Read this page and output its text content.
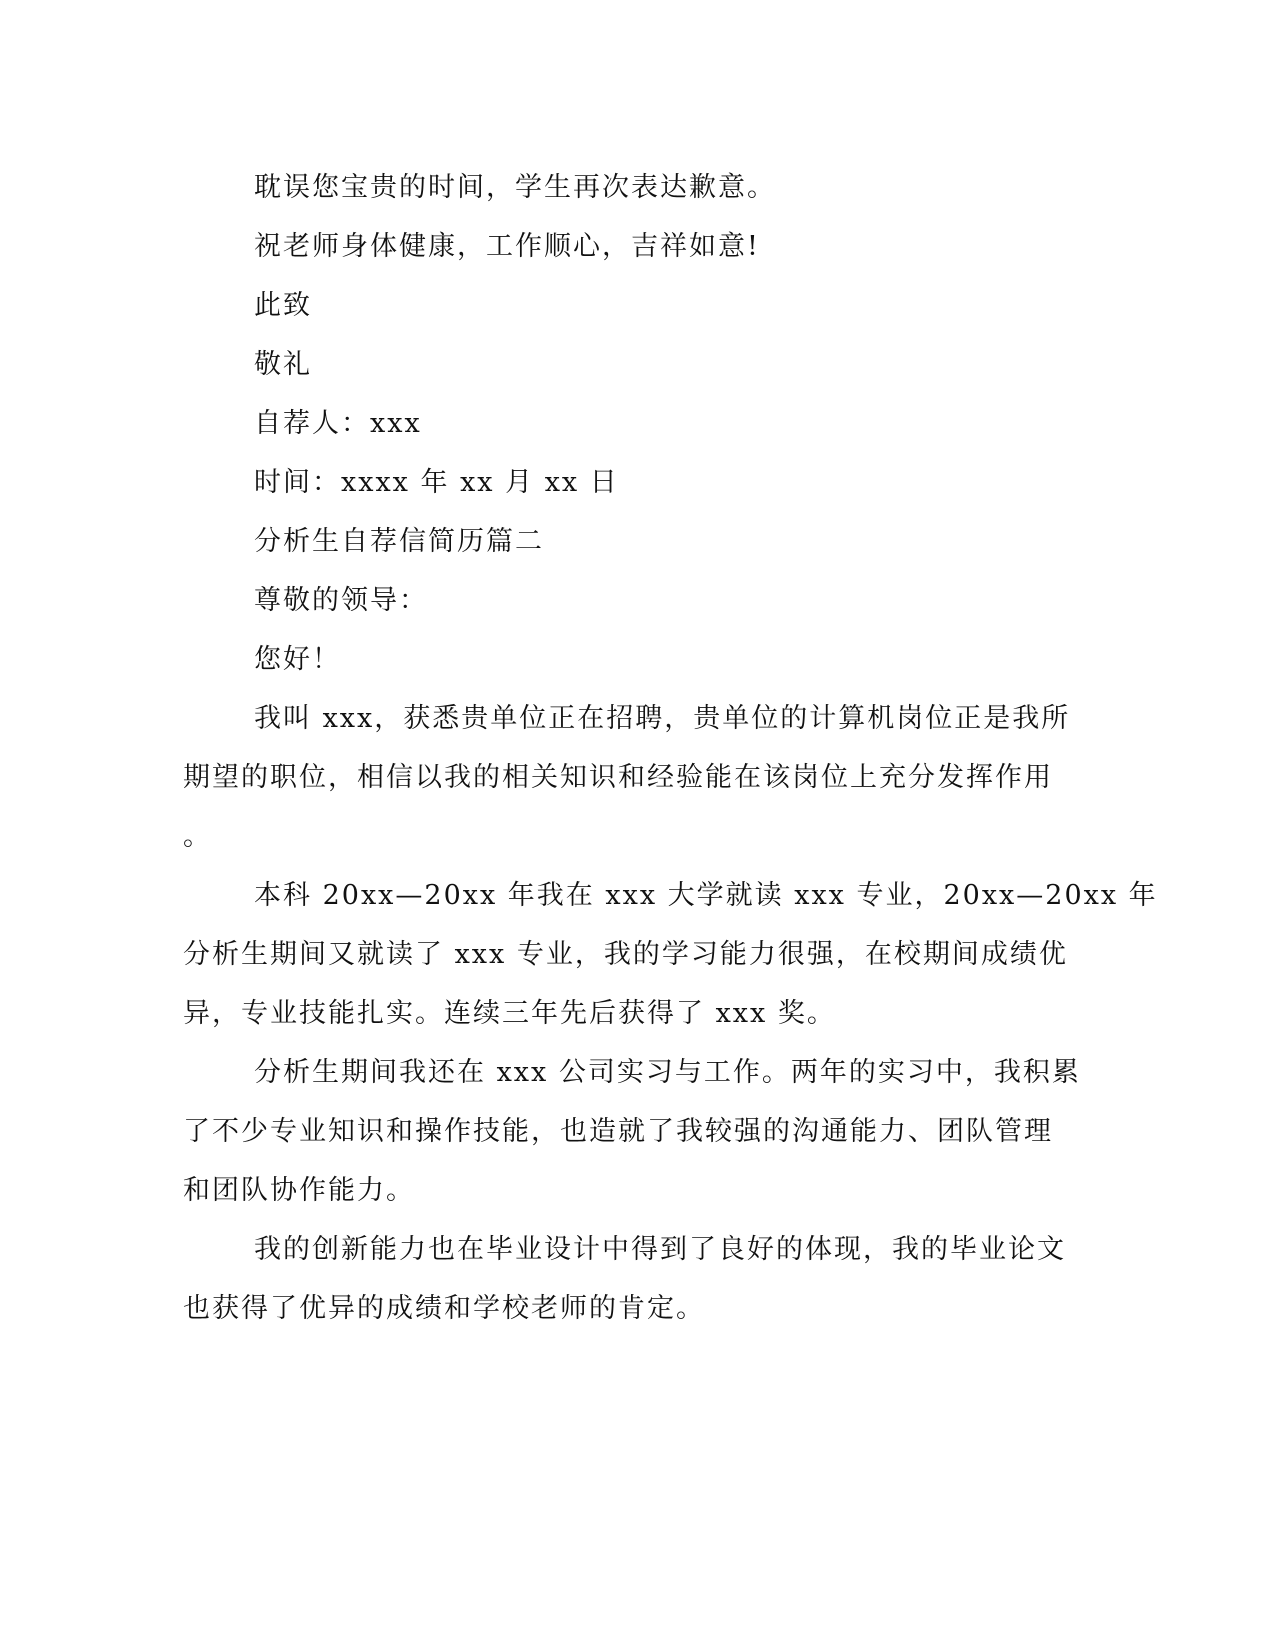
耽误您宝贵的时间，学生再次表达歉意。
祝老师身体健康，工作顺心，吉祥如意!
此致
敬礼
自荐人：xxx
时间：xxxx 年 xx 月 xx 日
分析生自荐信简历篇二
尊敬的领导：
您好！
我叫 xxx，获悉贵单位正在招聘，贵单位的计算机岗位正是我所
期望的职位，相信以我的相关知识和经验能在该岗位上充分发挥作用
。
本科 20xx—20xx 年我在 xxx 大学就读 xxx 专业，20xx—20xx 年
分析生期间又就读了 xxx 专业，我的学习能力很强，在校期间成绩优
异，专业技能扎实。连续三年先后获得了 xxx 奖。
分析生期间我还在 xxx 公司实习与工作。两年的实习中，我积累
了不少专业知识和操作技能，也造就了我较强的沟通能力、团队管理
和团队协作能力。
我的创新能力也在毕业设计中得到了良好的体现，我的毕业论文
也获得了优异的成绩和学校老师的肯定。
